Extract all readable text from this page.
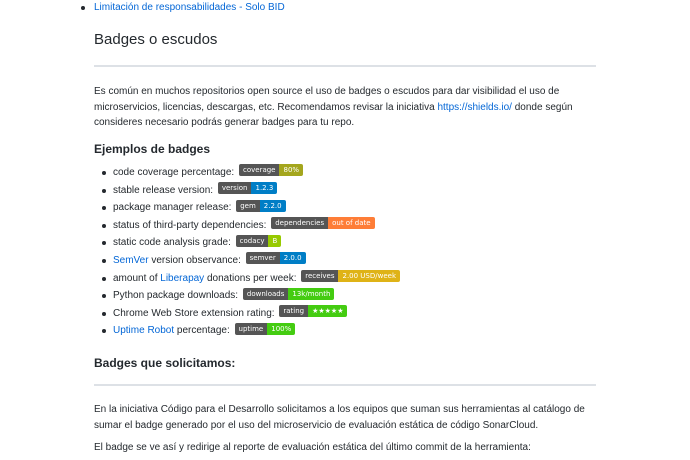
Limitación de responsabilidades - Solo BID
Badges o escudos

Es común en muchos repositorios open source el uso de badges o escudos para dar visibilidad el uso de microservicios, licencias, descargas, etc. Recomendamos revisar la iniciativa https://shields.io/ donde según consideres necesario podrás generar badges para tu repo.

Ejemplos de badges
code coverage percentage:	coverage	80%
stable release version:	version	1.2.3
package manager release:	gem	2.2.0
status of third-party dependencies:	dependencies	out of date
static code analysis grade:	codacy	B
SemVer version observance:	semver	2.0.0
amount of Liberapay donations per week:	receives	2.00 USD/week
Python package downloads:	downloads	13k/month
Chrome Web Store extension rating:	rating	★★★★★
Uptime Robot percentage:	uptime	100%
Badges que solicitamos:

En la iniciativa Código para el Desarrollo solicitamos a los equipos que suman sus herramientas al catálogo de sumar el badge generado por el uso del microservicio de evaluación estática de código SonarCloud.

El badge se ve así y redirige al reporte de evaluación estática del último commit de la herramienta:
